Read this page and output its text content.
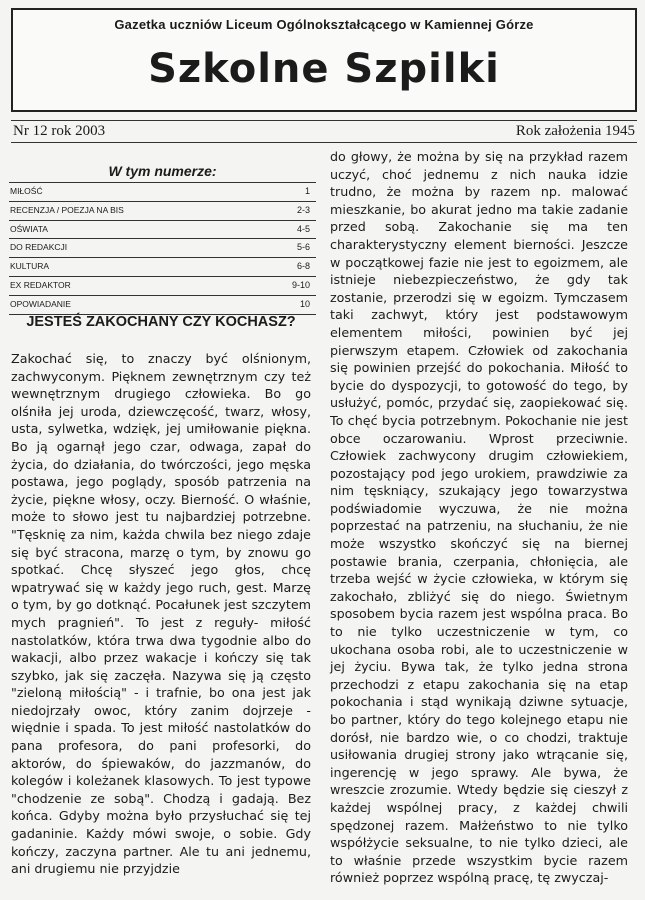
Gazetka uczniów Liceum Ogólnokształcącego w Kamiennej Górze
Szkolne Szpilki
Nr 12 rok 2003	Rok założenia 1945
W tym numerze:
MIŁOŚĆ	1
RECENZJA / POEZJA NA BIS	2-3
OŚWIATA	4-5
DO REDAKCJI	5-6
KULTURA	6-8
EX REDAKTOR	9-10
OPOWIADANIE	10
JESTEŚ ZAKOCHANY CZY KOCHASZ?

Zakochać się, to znaczy być olśnionym, zachwyconym. Pięknem zewnętrznym czy też wewnętrznym drugiego człowieka. Bo go olśniła jej uroda, dziewczęcość, twarz, włosy, usta, sylwetka, wdzięk, jej umiłowanie piękna. Bo ją ogarnął jego czar, odwaga, zapał do życia, do działania, do twórczości, jego męska postawa, jego poglądy, sposób patrzenia na życie, piękne włosy, oczy. Bierność. O właśnie, może to słowo jest tu najbardziej potrzebne. "Tęsknię za nim, każda chwila bez niego zdaje się być stracona, marzę o tym, by znowu go spotkać. Chcę słyszeć jego głos, chcę wpatrywać się w każdy jego ruch, gest. Marzę o tym, by go dotknąć. Pocałunek jest szczytem mych pragnień". To jest z reguły- miłość nastolatków, która trwa dwa tygodnie albo do wakacji, albo przez wakacje i kończy się tak szybko, jak się zaczęła. Nazywa się ją często "zieloną miłością" - i trafnie, bo ona jest jak niedojrzały owoc, który zanim dojrzeje - więdnie i spada. To jest miłość nastolatków do pana profesora, do pani profesorki, do aktorów, do śpiewaków, do jazzmanów, do kolegów i koleżanek klasowych. To jest typowe "chodzenie ze sobą". Chodzą i gadają. Bez końca. Gdyby można było przysłuchać się tej gadaninie. Każdy mówi swoje, o sobie. Gdy kończy, zaczyna partner. Ale tu ani jednemu, ani drugiemu nie przyjdzie

do głowy, że można by się na przykład razem uczyć, choć jednemu z nich nauka idzie trudno, że można by razem np. malować mieszkanie, bo akurat jedno ma takie zadanie przed sobą. Zakochanie się ma ten charakterystyczny element bierności. Jeszcze w początkowej fazie nie jest to egoizmem, ale istnieje niebezpieczeństwo, że gdy tak zostanie, przerodzi się w egoizm. Tymczasem taki zachwyt, który jest podstawowym elementem miłości, powinien być jej pierwszym etapem. Człowiek od zakochania się powinien przejść do pokochania. Miłość to bycie do dyspozycji, to gotowość do tego, by usłużyć, pomóc, przydać się, zaopiekować się. To chęć bycia potrzebnym. Pokochanie nie jest obce oczarowaniu. Wprost przeciwnie. Człowiek zachwycony drugim człowiekiem, pozostający pod jego urokiem, prawdziwie za nim tęskniący, szukający jego towarzystwa podświadomie wyczuwa, że nie można poprzestać na patrzeniu, na słuchaniu, że nie może wszystko skończyć się na biernej postawie brania, czerpania, chłonięcia, ale trzeba wejść w życie człowieka, w którym się zakochało, zbliżyć się do niego. Świetnym sposobem bycia razem jest wspólna praca. Bo to nie tylko uczestniczenie w tym, co ukochana osoba robi, ale to uczestniczenie w jej życiu. Bywa tak, że tylko jedna strona przechodzi z etapu zakochania się na etap pokochania i stąd wynikają dziwne sytuacje, bo partner, który do tego kolejnego etapu nie dorósł, nie bardzo wie, o co chodzi, traktuje usiłowania drugiej strony jako wtrącanie się, ingerencję w jego sprawy. Ale bywa, że wreszcie zrozumie. Wtedy będzie się cieszył z każdej wspólnej pracy, z każdej chwili spędzonej razem. Małżeństwo to nie tylko współżycie seksualne, to nie tylko dzieci, ale to właśnie przede wszystkim bycie razem również poprzez wspólną pracę, tę zwyczaj-
